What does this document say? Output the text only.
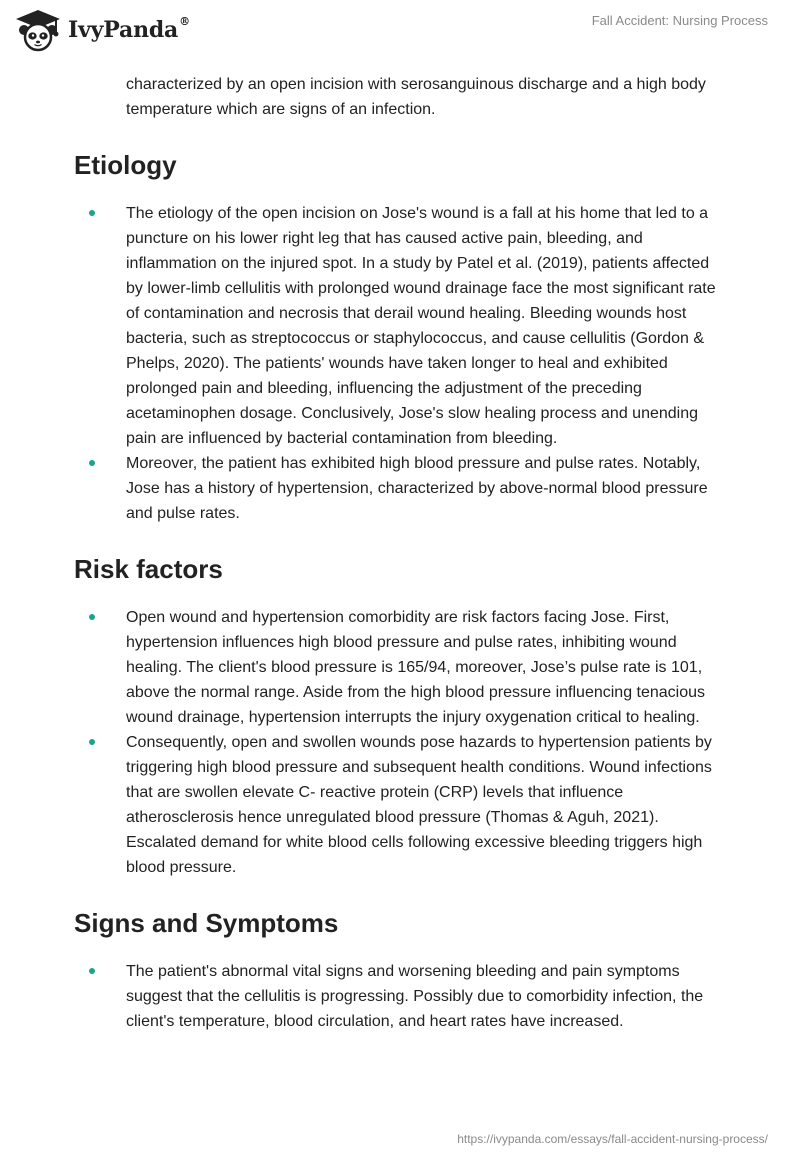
IvyPanda®	Fall Accident: Nursing Process

characterized by an open incision with serosanguinous discharge and a high body temperature which are signs of an infection.

Etiology
The etiology of the open incision on Jose's wound is a fall at his home that led to a puncture on his lower right leg that has caused active pain, bleeding, and inflammation on the injured spot. In a study by Patel et al. (2019), patients affected by lower-limb cellulitis with prolonged wound drainage face the most significant rate of contamination and necrosis that derail wound healing. Bleeding wounds host bacteria, such as streptococcus or staphylococcus, and cause cellulitis (Gordon & Phelps, 2020). The patients' wounds have taken longer to heal and exhibited prolonged pain and bleeding, influencing the adjustment of the preceding acetaminophen dosage. Conclusively, Jose's slow healing process and unending pain are influenced by bacterial contamination from bleeding.
Moreover, the patient has exhibited high blood pressure and pulse rates. Notably, Jose has a history of hypertension, characterized by above-normal blood pressure and pulse rates.
Risk factors
Open wound and hypertension comorbidity are risk factors facing Jose. First, hypertension influences high blood pressure and pulse rates, inhibiting wound healing. The client's blood pressure is 165/94, moreover, Jose’s pulse rate is 101, above the normal range. Aside from the high blood pressure influencing tenacious wound drainage, hypertension interrupts the injury oxygenation critical to healing.
Consequently, open and swollen wounds pose hazards to hypertension patients by triggering high blood pressure and subsequent health conditions. Wound infections that are swollen elevate C- reactive protein (CRP) levels that influence atherosclerosis hence unregulated blood pressure (Thomas & Aguh, 2021). Escalated demand for white blood cells following excessive bleeding triggers high blood pressure.
Signs and Symptoms
The patient's abnormal vital signs and worsening bleeding and pain symptoms suggest that the cellulitis is progressing. Possibly due to comorbidity infection, the client's temperature, blood circulation, and heart rates have increased.
https://ivypanda.com/essays/fall-accident-nursing-process/
